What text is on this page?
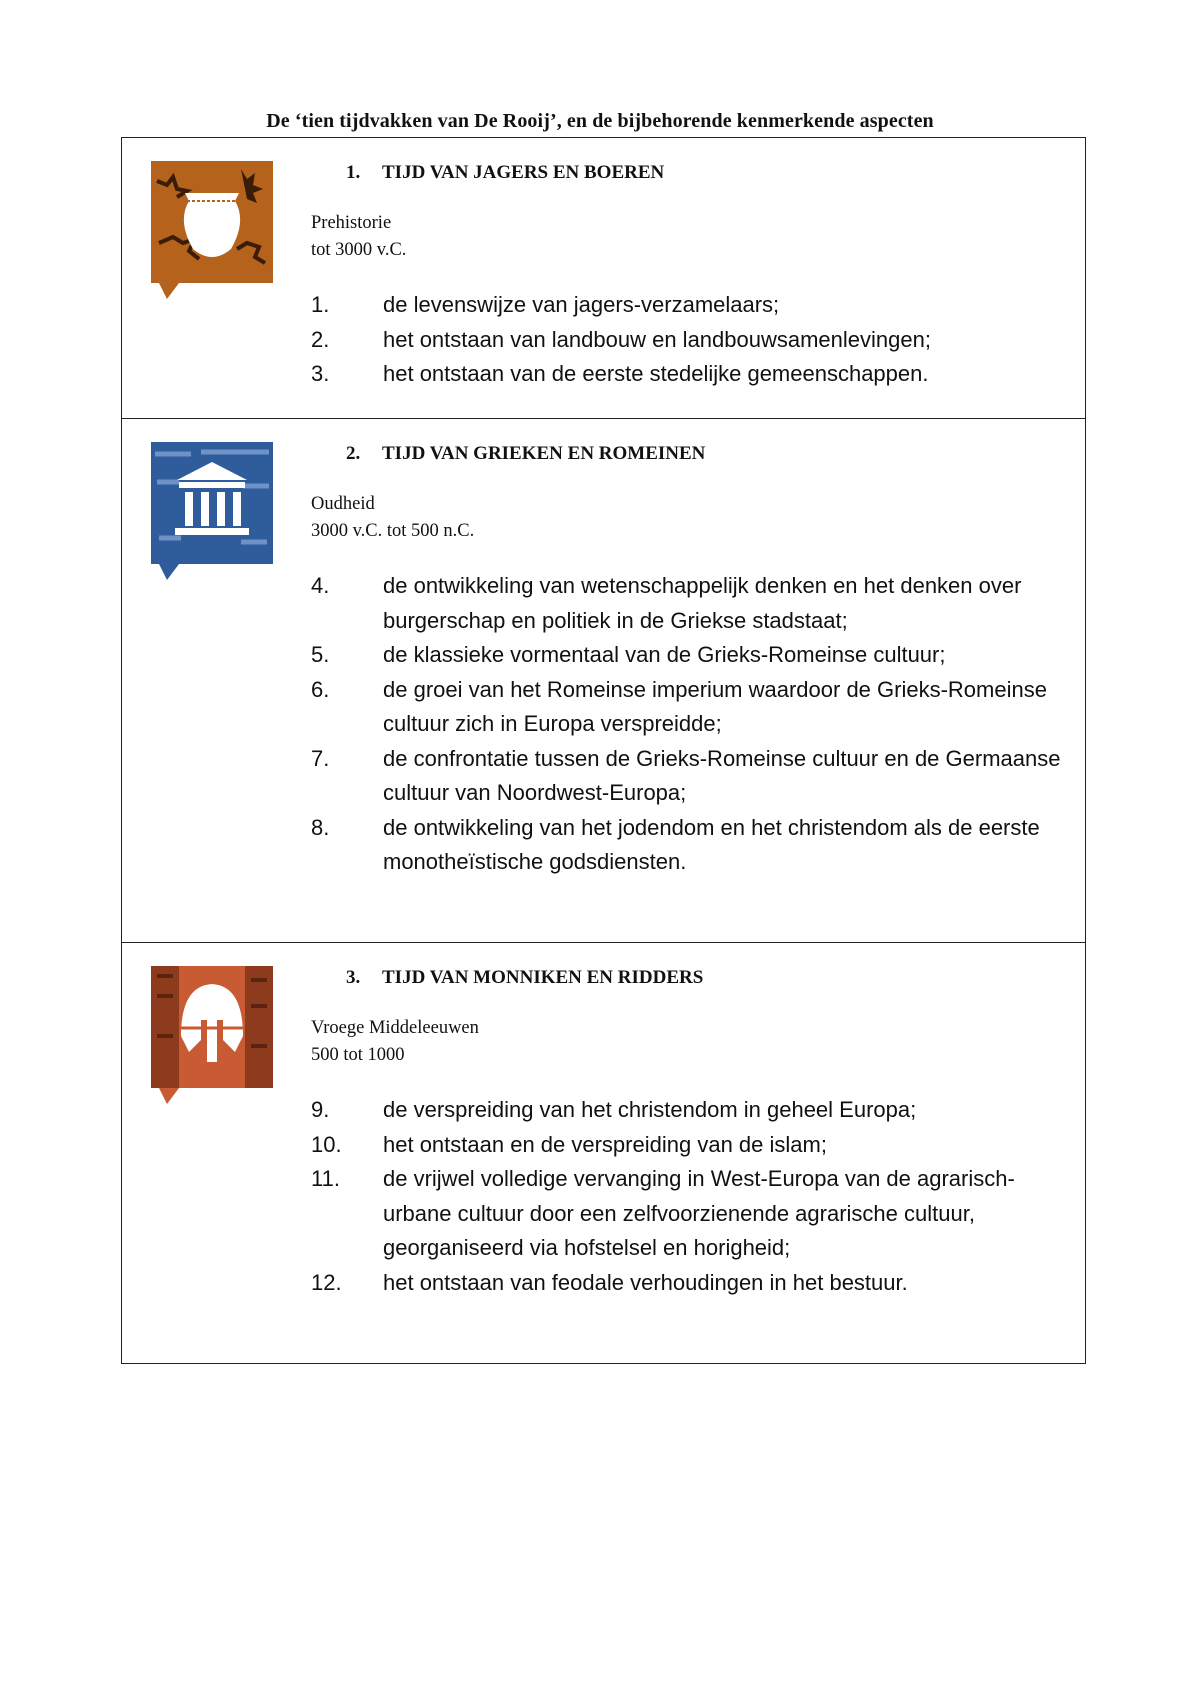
De ‘tien tijdvakken van De Rooij’, en de bijbehorende kenmerkende aspecten
1. TIJD VAN JAGERS EN BOEREN
Prehistorie
tot 3000 v.C.
1. de levenswijze van jagers-verzamelaars;
2. het ontstaan van landbouw en landbouwsamenlevingen;
3. het ontstaan van de eerste stedelijke gemeenschappen.
2. TIJD VAN GRIEKEN EN ROMEINEN
Oudheid
3000 v.C. tot 500 n.C.
4. de ontwikkeling van wetenschappelijk denken en het denken over burgerschap en politiek in de Griekse stadstaat;
5. de klassieke vormentaal van de Grieks-Romeinse cultuur;
6. de groei van het Romeinse imperium waardoor de Grieks-Romeinse cultuur zich in Europa verspreidde;
7. de confrontatie tussen de Grieks-Romeinse cultuur en de Germaanse cultuur van Noordwest-Europa;
8. de ontwikkeling van het jodendom en het christendom als de eerste monotheïstische godsdiensten.
3. TIJD VAN MONNIKEN EN RIDDERS
Vroege Middeleeuwen
500 tot 1000
9. de verspreiding van het christendom in geheel Europa;
10. het ontstaan en de verspreiding van de islam;
11. de vrijwel volledige vervanging in West-Europa van de agrarisch-urbane cultuur door een zelfvoorzienende agrarische cultuur, georganiseerd via hofstelsel en horigheid;
12. het ontstaan van feodale verhoudingen in het bestuur.
